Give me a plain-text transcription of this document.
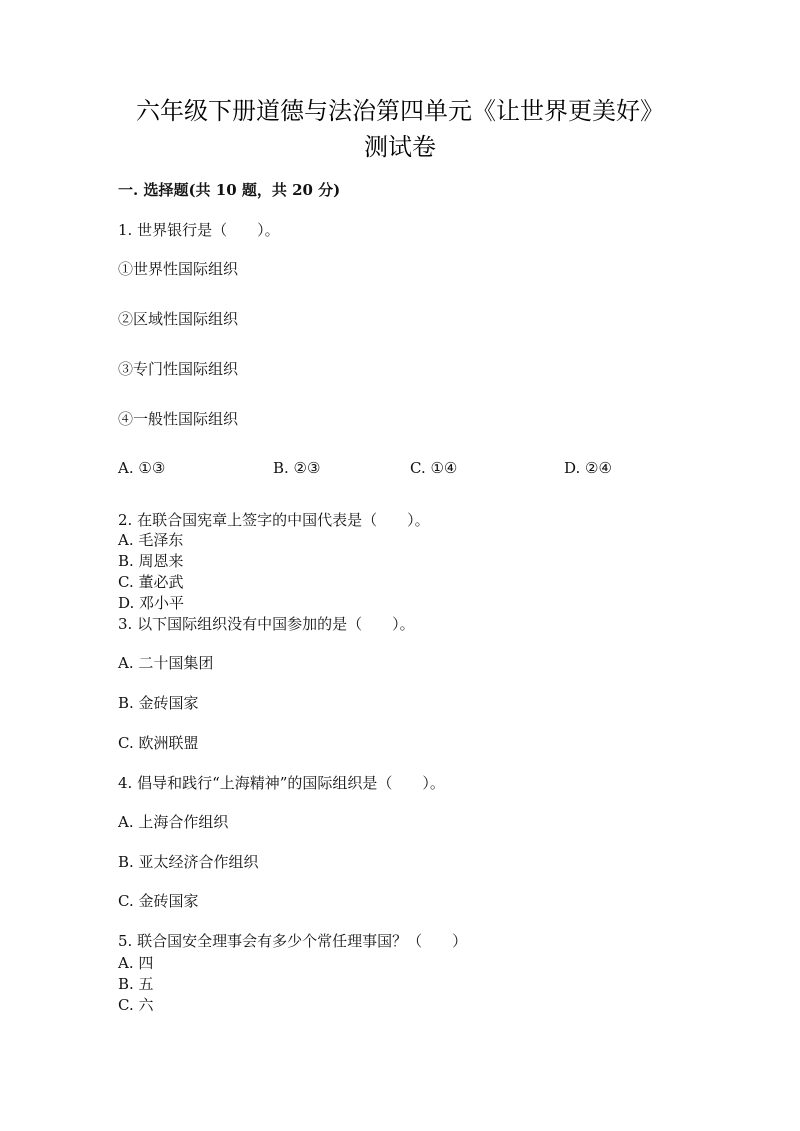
六年级下册道德与法治第四单元《让世界更美好》
测试卷
一. 选择题(共 10 题，共 20 分)
1. 世界银行是（　　）。
①世界性国际组织
②区域性国际组织
③专门性国际组织
④一般性国际组织
A. ①③	B. ②③	C. ①④	D. ②④
2. 在联合国宪章上签字的中国代表是（　　）。
A. 毛泽东
B. 周恩来
C. 董必武
D. 邓小平
3. 以下国际组织没有中国参加的是（　　）。
A. 二十国集团
B. 金砖国家
C. 欧洲联盟
4. 倡导和践行“上海精神”的国际组织是（　　）。
A. 上海合作组织
B. 亚太经济合作组织
C. 金砖国家
5. 联合国安全理事会有多少个常任理事国？（　　）
A. 四
B. 五
C. 六
